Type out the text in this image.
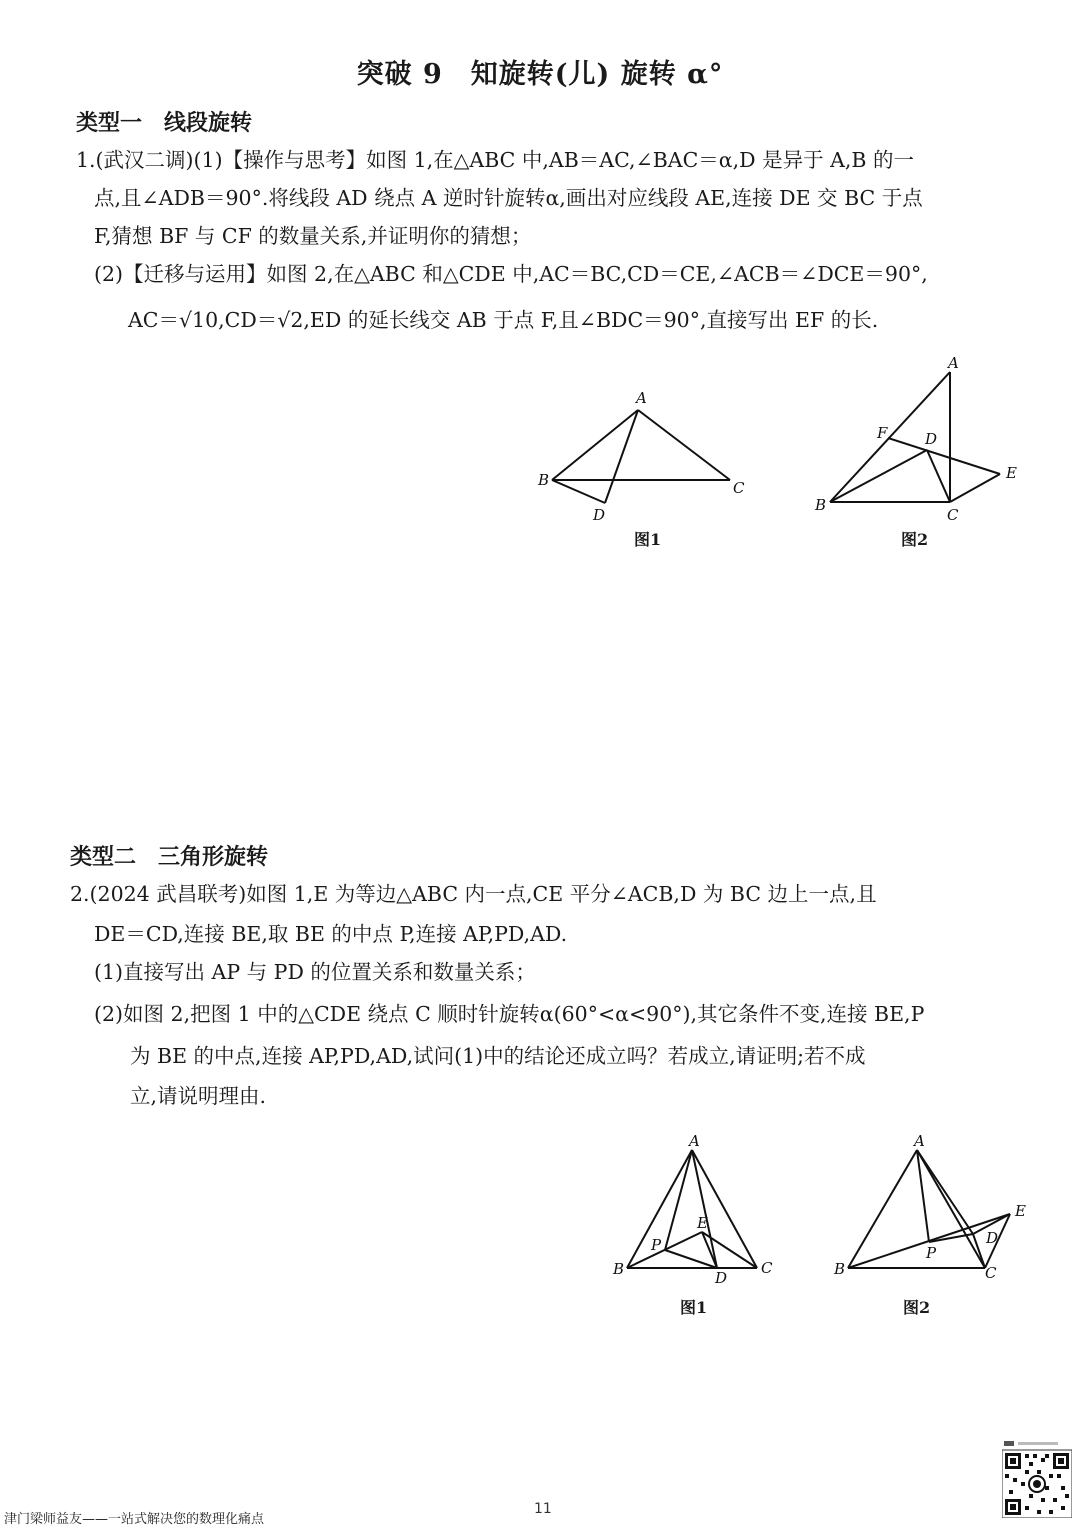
突破 9　知旋转(儿) 旋转 α°
类型一　线段旋转
1.(武汉二调)(1)【操作与思考】如图 1,在△ABC 中,AB＝AC,∠BAC＝α,D 是异于 A,B 的一
点,且∠ADB＝90°.将线段 AD 绕点 A 逆时针旋转α,画出对应线段 AE,连接 DE 交 BC 于点
F,猜想 BF 与 CF 的数量关系,并证明你的猜想；
(2)【迁移与运用】如图 2,在△ABC 和△CDE 中,AC＝BC,CD＝CE,∠ACB＝∠DCE＝90°,
AC＝√10,CD＝√2,ED 的延长线交 AB 于点 F,且∠BDC＝90°,直接写出 EF 的长.
A
B	C
D
图1
A
B
C
D
E
F
图2
类型二　三角形旋转
2.(2024 武昌联考)如图 1,E 为等边△ABC 内一点,CE 平分∠ACB,D 为 BC 边上一点,且
DE＝CD,连接 BE,取 BE 的中点 P,连接 AP,PD,AD.
(1)直接写出 AP 与 PD 的位置关系和数量关系；
(2)如图 2,把图 1 中的△CDE 绕点 C 顺时针旋转α(60°<α<90°),其它条件不变,连接 BE,P
为 BE 的中点,连接 AP,PD,AD,试问(1)中的结论还成立吗？若成立,请证明;若不成
立,请说明理由.
A
B	C
D
E
P
图1
A
B	C
D
E
P
图2
11
津门梁师益友——一站式解决您的数理化痛点
